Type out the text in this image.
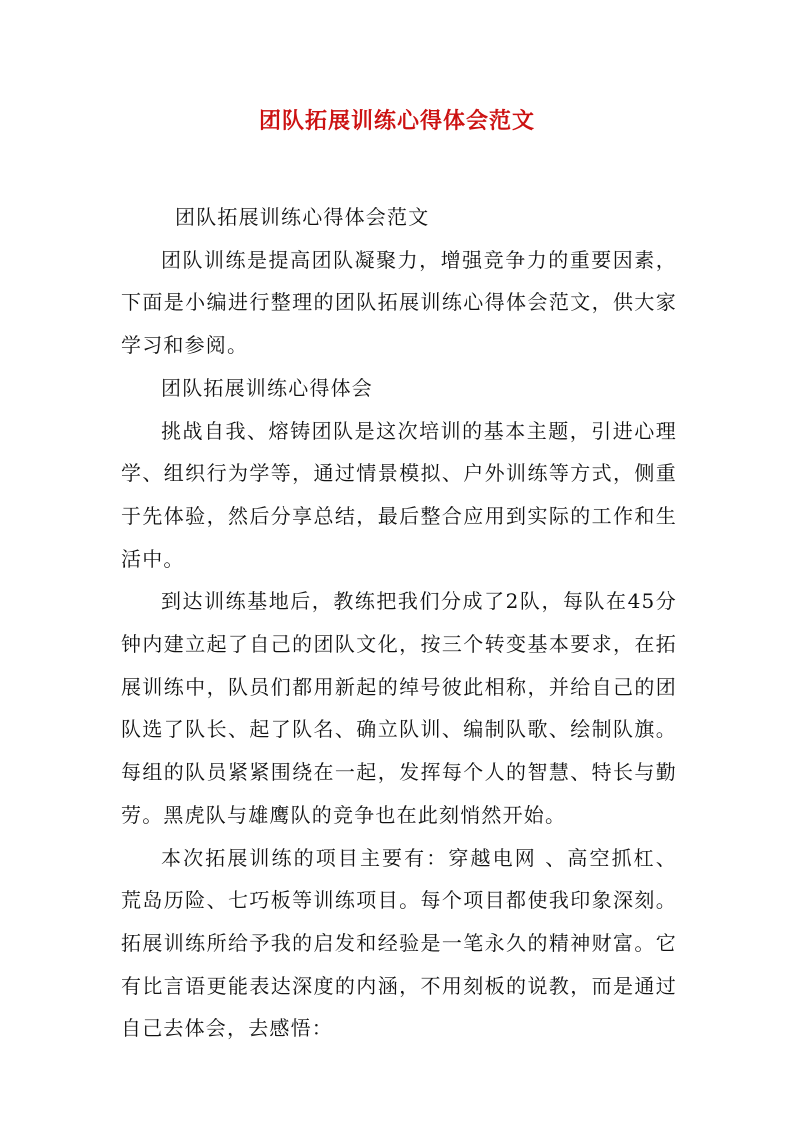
团队拓展训练心得体会范文

团队拓展训练心得体会范文

团队训练是提高团队凝聚力，增强竞争力的重要因素，下面是小编进行整理的团队拓展训练心得体会范文，供大家学习和参阅。

团队拓展训练心得体会

挑战自我、熔铸团队是这次培训的基本主题，引进心理学、组织行为学等，通过情景模拟、户外训练等方式，侧重于先体验，然后分享总结，最后整合应用到实际的工作和生活中。

到达训练基地后，教练把我们分成了2队，每队在45分钟内建立起了自己的团队文化，按三个转变基本要求，在拓展训练中，队员们都用新起的绰号彼此相称，并给自己的团队选了队长、起了队名、确立队训、编制队歌、绘制队旗。每组的队员紧紧围绕在一起，发挥每个人的智慧、特长与勤劳。黑虎队与雄鹰队的竞争也在此刻悄然开始。

本次拓展训练的项目主要有：穿越电网 、高空抓杠、荒岛历险、七巧板等训练项目。每个项目都使我印象深刻。拓展训练所给予我的启发和经验是一笔永久的精神财富。它有比言语更能表达深度的内涵，不用刻板的说教，而是通过自己去体会，去感悟：
